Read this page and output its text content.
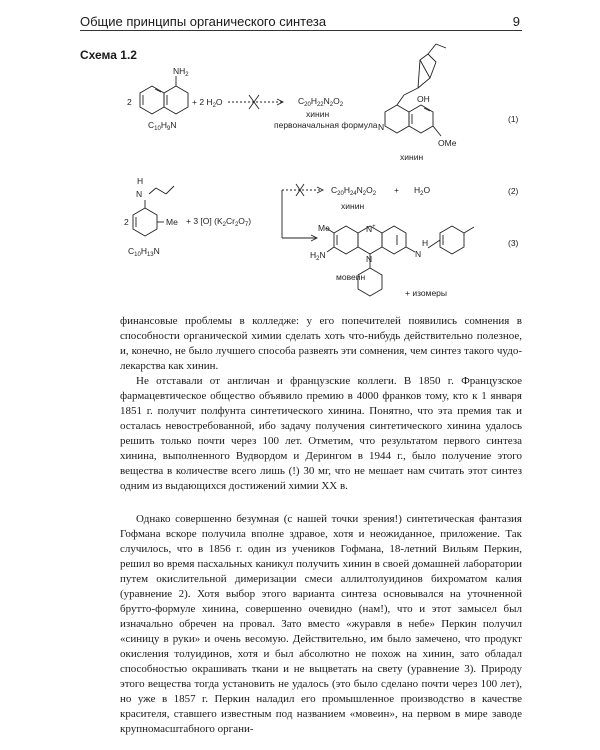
Общие принципы органического синтеза	9
Схема 1.2
2
$NH_2$
$C_{10}H_9N$
+ 2 $H_2O$	$C_{20}H_{22}N_2O_2$
хинин
первоначальная формула N
OH
OMe
хинин
(1)
N
H
2	Me
$C_{10}H_{13}N$
+ 3 [O] $(K_2Cr_2O_7)$
$C_{20}H_{24}N_2O_2$
хинин
+ $H_2O$	(2)
Me
$H_2N$
N+
N	N
H
мовеин
+ изомеры
(3)

финансовые проблемы в колледже: у его попечителей появились сомнения в способности органической химии сделать хоть что-нибудь действительно полезное, и, конечно, не было лучшего способа развеять эти сомнения, чем синтез такого чудо-лекарства как хинин.

Не отставали от англичан и французские коллеги. В 1850 г. Французское фармацевтическое общество объявило премию в 4000 франков тому, кто к 1 января 1851 г. получит полфунта синтетического хинина. Понятно, что эта премия так и осталась невостребованной, ибо задачу получения синтетического хинина удалось решить только почти через 100 лет. Отметим, что результатом первого синтеза хинина, выполненного Вудвордом и Дерингом в 1944 г., было получение этого вещества в количестве всего лишь (!) 30 мг, что не мешает нам считать этот синтез одним из выдающихся достижений химии XX в.

Однако совершенно безумная (с нашей точки зрения!) синтетическая фантазия Гофмана вскоре получила вполне здравое, хотя и неожиданное, приложение. Так случилось, что в 1856 г. один из учеников Гофмана, 18-летний Вильям Перкин, решил во время пасхальных каникул получить хинин в своей домашней лаборатории путем окислительной димеризации смеси аллилтолуидинов бихроматом калия (уравнение 2). Хотя выбор этого варианта синтеза основывался на уточненной брутто-формуле хинина, совершенно очевидно (нам!), что и этот замысел был изначально обречен на провал. Зато вместо «журавля в небе» Перкин получил «синицу в руки» и очень весомую. Действительно, им было замечено, что продукт окисления толуидинов, хотя и был абсолютно не похож на хинин, зато обладал способностью окрашивать ткани и не выцветать на свету (уравнение 3). Природу этого вещества тогда установить не удалось (это было сделано почти через 100 лет), но уже в 1857 г. Перкин наладил его промышленное производство в качестве красителя, ставшего известным под названием «мовеин», на первом в мире заводе крупномасштабного органи-
